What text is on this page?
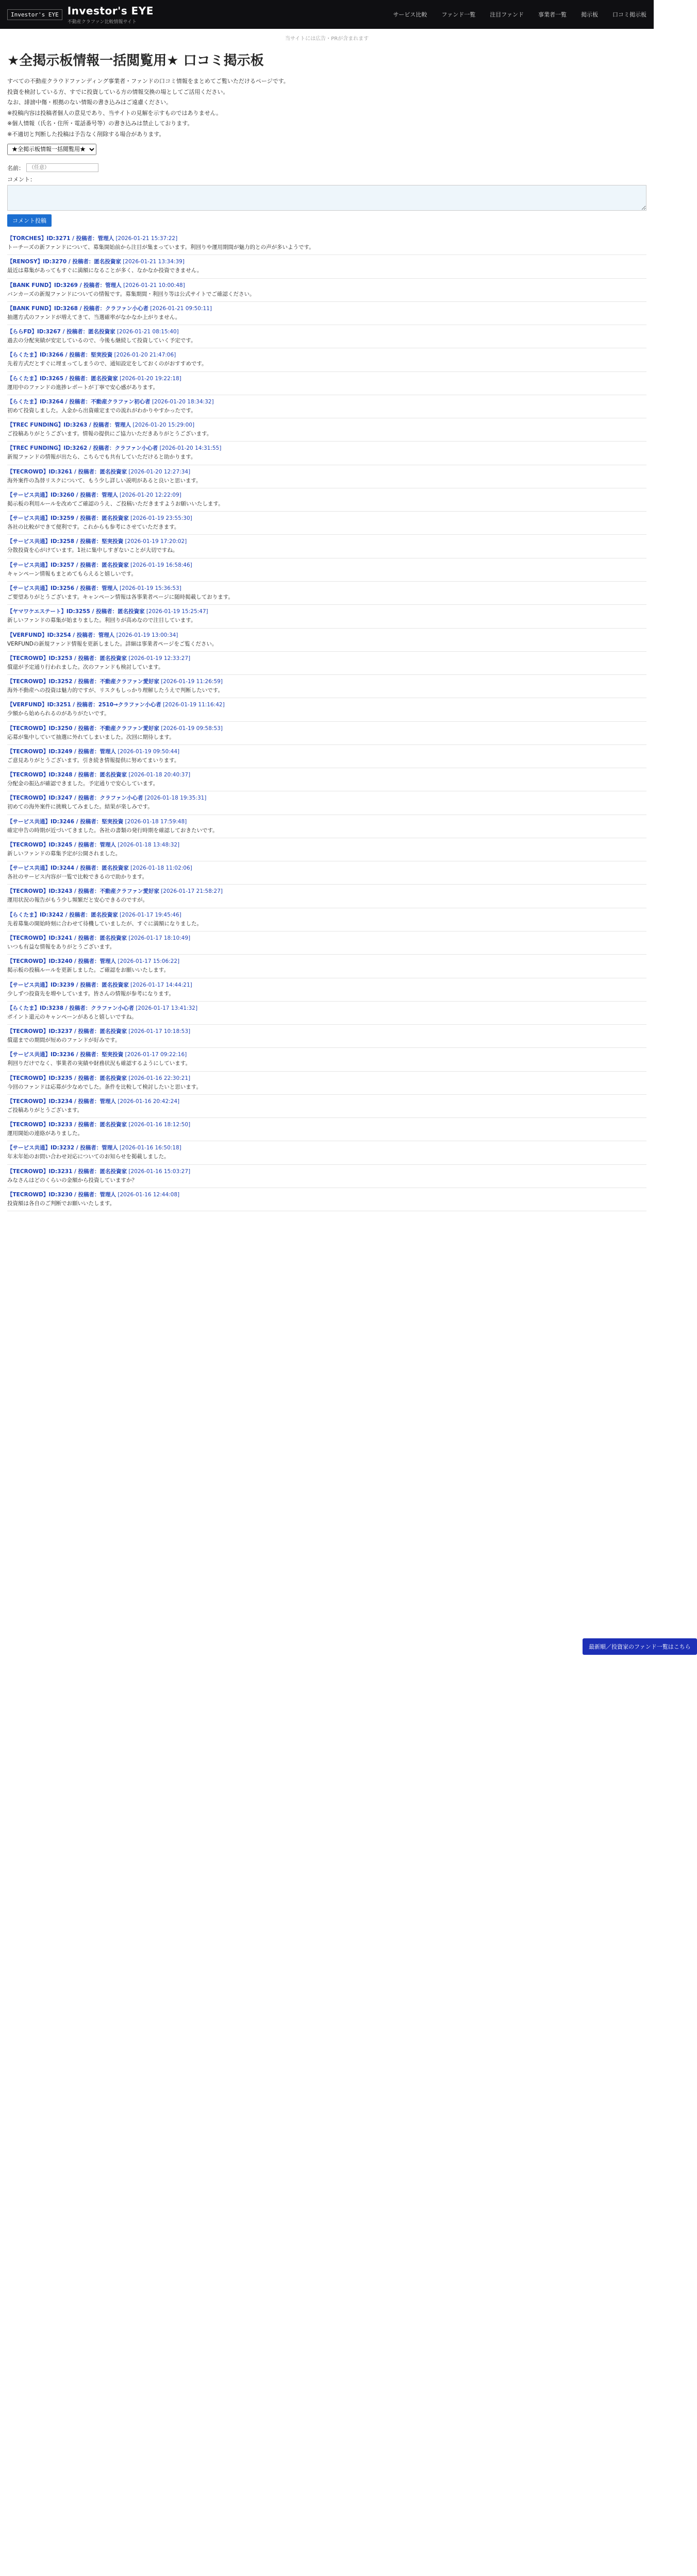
Investor's EYE Investor's EYE
不動産クラファン比較情報サイト
サービス比較	ファンド一覧	注目ファンド	事業者一覧	掲示板	口コミ掲示板
当サイトには広告・PRが含まれます
★全掲示板情報一括閲覧用★ 口コミ掲示板

すべての不動産クラウドファンディング事業者・ファンドの口コミ情報をまとめてご覧いただけるページです。

投資を検討している方、すでに投資している方の情報交換の場としてご活用ください。

なお、誹謗中傷・根拠のない情報の書き込みはご遠慮ください。

※投稿内容は投稿者個人の意見であり、当サイトの見解を示すものではありません。

※個人情報（氏名・住所・電話番号等）の書き込みは禁止しております。

※不適切と判断した投稿は予告なく削除する場合があります。

★全掲示板情報一括閲覧用★
名前：
（任意）
コメント：
コメント投稿
【TORCHES】ID:3271 / 投稿者：管理人 [2026-01-21 15:37:22]
トーチーズの新ファンドについて、募集開始前から注目が集まっています。利回りや運用期間が魅力的との声が多いようです。
【RENOSY】ID:3270 / 投稿者：匿名投資家 [2026-01-21 13:34:39]
最近は募集があってもすぐに満額になることが多く、なかなか投資できません。
【BANK FUND】ID:3269 / 投稿者：管理人 [2026-01-21 10:00:48]
バンカーズの新規ファンドについての情報です。募集期間・利回り等は公式サイトでご確認ください。
【BANK FUND】ID:3268 / 投稿者：クラファン小心者 [2026-01-21 09:50:11]
抽選方式のファンドが増えてきて、当選確率がなかなか上がりません。
【ららFD】ID:3267 / 投稿者：匿名投資家 [2026-01-21 08:15:40]
過去の分配実績が安定しているので、今後も継続して投資していく予定です。
【らくたま】ID:3266 / 投稿者：堅実投資 [2026-01-20 21:47:06]
先着方式だとすぐに埋まってしまうので、通知設定をしておくのがおすすめです。
【らくたま】ID:3265 / 投稿者：匿名投資家 [2026-01-20 19:22:18]
運用中のファンドの進捗レポートが丁寧で安心感があります。
【らくたま】ID:3264 / 投稿者：不動産クラファン初心者 [2026-01-20 18:34:32]
初めて投資しました。入金から出資確定までの流れがわかりやすかったです。
【TREC FUNDING】ID:3263 / 投稿者：管理人 [2026-01-20 15:29:00]
ご投稿ありがとうございます。情報の提供にご協力いただきありがとうございます。
【TREC FUNDING】ID:3262 / 投稿者：クラファン小心者 [2026-01-20 14:31:55]
新規ファンドの情報が出たら、こちらでも共有していただけると助かります。
【TECROWD】ID:3261 / 投稿者：匿名投資家 [2026-01-20 12:27:34]
海外案件の為替リスクについて、もう少し詳しい説明があると良いと思います。
【サービス共通】ID:3260 / 投稿者：管理人 [2026-01-20 12:22:09]
掲示板の利用ルールを改めてご確認のうえ、ご投稿いただきますようお願いいたします。
【サービス共通】ID:3259 / 投稿者：匿名投資家 [2026-01-19 23:55:30]
各社の比較ができて便利です。これからも参考にさせていただきます。
【サービス共通】ID:3258 / 投稿者：堅実投資 [2026-01-19 17:20:02]
分散投資を心がけています。1社に集中しすぎないことが大切ですね。
【サービス共通】ID:3257 / 投稿者：匿名投資家 [2026-01-19 16:58:46]
キャンペーン情報もまとめてもらえると嬉しいです。
【サービス共通】ID:3256 / 投稿者：管理人 [2026-01-19 15:36:53]
ご要望ありがとうございます。キャンペーン情報は各事業者ページに随時掲載しております。
【ヤマワケエステート】ID:3255 / 投稿者：匿名投資家 [2026-01-19 15:25:47]
新しいファンドの募集が始まりました。利回りが高めなので注目しています。
【VERFUND】ID:3254 / 投稿者：管理人 [2026-01-19 13:00:34]
VERFUNDの新規ファンド情報を更新しました。詳細は事業者ページをご覧ください。
【TECROWD】ID:3253 / 投稿者：匿名投資家 [2026-01-19 12:33:27]
償還が予定通り行われました。次のファンドも検討しています。
【TECROWD】ID:3252 / 投稿者：不動産クラファン愛好家 [2026-01-19 11:26:59]
海外不動産への投資は魅力的ですが、リスクもしっかり理解したうえで判断したいです。
【VERFUND】ID:3251 / 投稿者：2510→クラファン小心者 [2026-01-19 11:16:42]
少額から始められるのがありがたいです。
【TECROWD】ID:3250 / 投稿者：不動産クラファン愛好家 [2026-01-19 09:58:53]
応募が集中していて抽選に外れてしまいました。次回に期待します。
【TECROWD】ID:3249 / 投稿者：管理人 [2026-01-19 09:50:44]
ご意見ありがとうございます。引き続き情報提供に努めてまいります。
【TECROWD】ID:3248 / 投稿者：匿名投資家 [2026-01-18 20:40:37]
分配金の振込が確認できました。予定通りで安心しています。
【TECROWD】ID:3247 / 投稿者：クラファン小心者 [2026-01-18 19:35:31]
初めての海外案件に挑戦してみました。結果が楽しみです。
【サービス共通】ID:3246 / 投稿者：堅実投資 [2026-01-18 17:59:48]
確定申告の時期が近づいてきました。各社の書類の発行時期を確認しておきたいです。
【TECROWD】ID:3245 / 投稿者：管理人 [2026-01-18 13:48:32]
新しいファンドの募集予定が公開されました。
【サービス共通】ID:3244 / 投稿者：匿名投資家 [2026-01-18 11:02:06]
各社のサービス内容が一覧で比較できるので助かります。
【TECROWD】ID:3243 / 投稿者：不動産クラファン愛好家 [2026-01-17 21:58:27]
運用状況の報告がもう少し頻繁だと安心できるのですが。
【らくたま】ID:3242 / 投稿者：匿名投資家 [2026-01-17 19:45:46]
先着募集の開始時刻に合わせて待機していましたが、すぐに満額になりました。
【TECROWD】ID:3241 / 投稿者：匿名投資家 [2026-01-17 18:10:49]
いつも有益な情報をありがとうございます。
【TECROWD】ID:3240 / 投稿者：管理人 [2026-01-17 15:06:22]
掲示板の投稿ルールを更新しました。ご確認をお願いいたします。
【サービス共通】ID:3239 / 投稿者：匿名投資家 [2026-01-17 14:44:21]
少しずつ投資先を増やしています。皆さんの情報が参考になります。
【らくたま】ID:3238 / 投稿者：クラファン小心者 [2026-01-17 13:41:32]
ポイント還元のキャンペーンがあると嬉しいですね。
【TECROWD】ID:3237 / 投稿者：匿名投資家 [2026-01-17 10:18:53]
償還までの期間が短めのファンドが好みです。
【サービス共通】ID:3236 / 投稿者：堅実投資 [2026-01-17 09:22:16]
利回りだけでなく、事業者の実績や財務状況も確認するようにしています。
【TECROWD】ID:3235 / 投稿者：匿名投資家 [2026-01-16 22:30:21]
今回のファンドは応募が少なめでした。条件を比較して検討したいと思います。
【TECROWD】ID:3234 / 投稿者：管理人 [2026-01-16 20:42:24]
ご投稿ありがとうございます。
【TECROWD】ID:3233 / 投稿者：匿名投資家 [2026-01-16 18:12:50]
運用開始の連絡がありました。
【サービス共通】ID:3232 / 投稿者：管理人 [2026-01-16 16:50:18]
年末年始のお問い合わせ対応についてのお知らせを掲載しました。
【TECROWD】ID:3231 / 投稿者：匿名投資家 [2026-01-16 15:03:27]
みなさんはどのくらいの金額から投資していますか？
【TECROWD】ID:3230 / 投稿者：管理人 [2026-01-16 12:44:08]
投資額は各自のご判断でお願いいたします。
最新順／投資家のファンド一覧はこちら
